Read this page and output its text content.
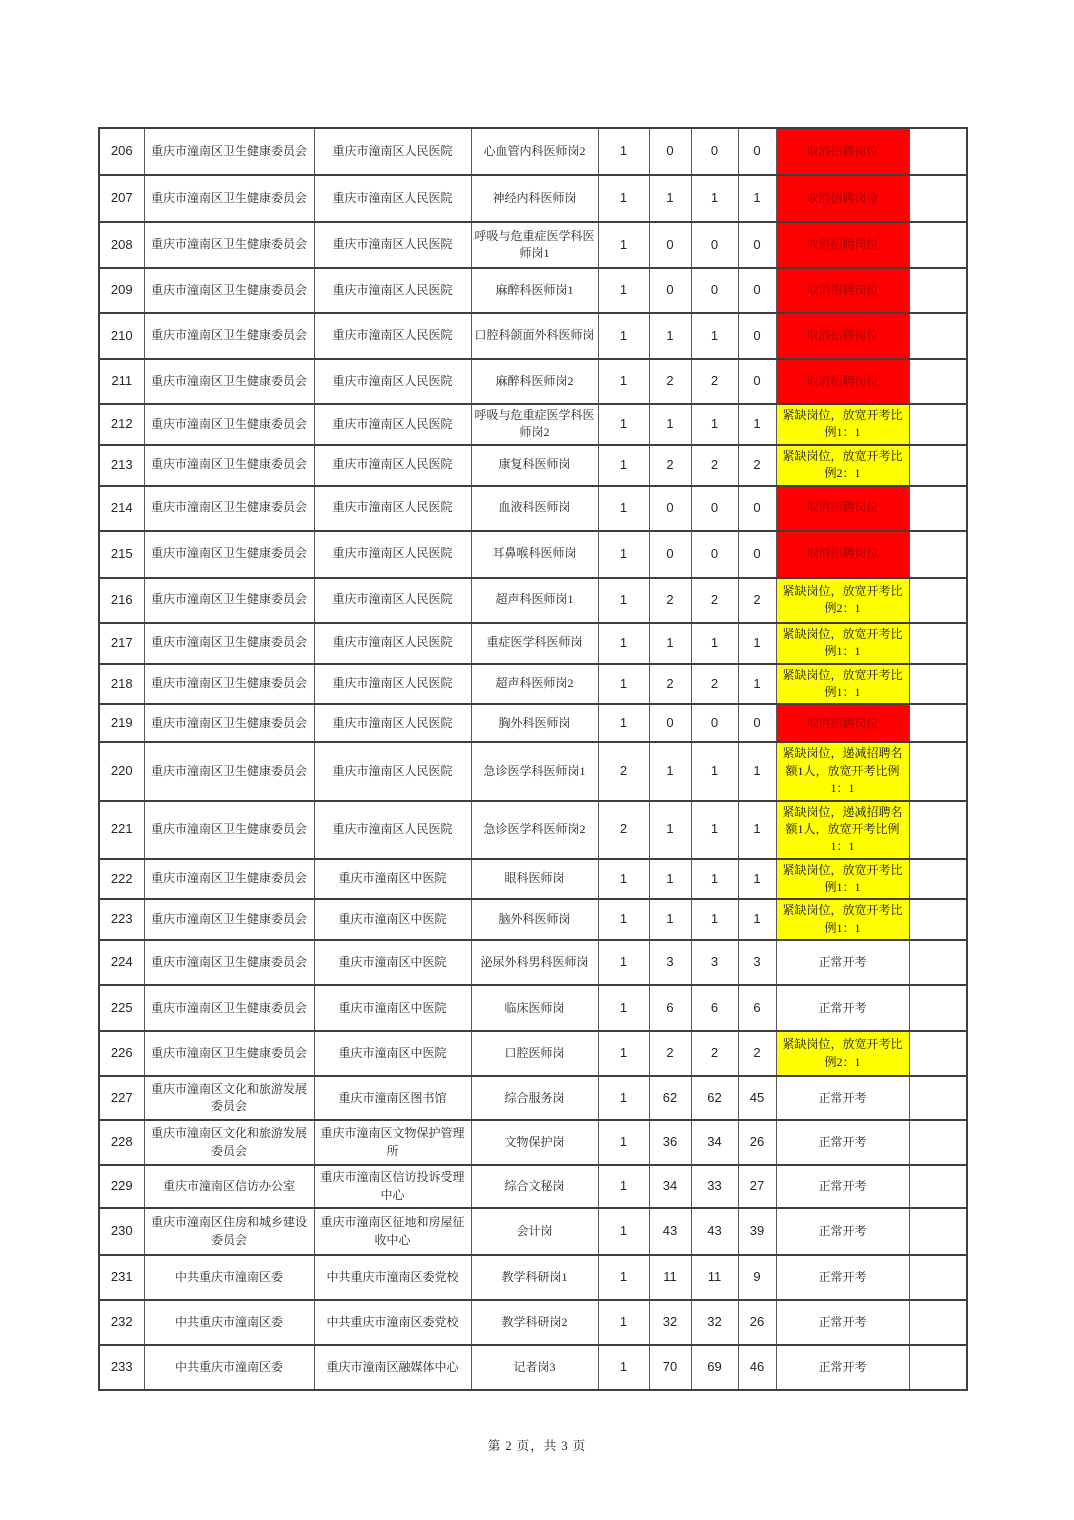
206	重庆市潼南区卫生健康委员会	重庆市潼南区人民医院	心血管内科医师岗2	1	0	0	0	取消招聘岗位	
207	重庆市潼南区卫生健康委员会	重庆市潼南区人民医院	神经内科医师岗	1	1	1	1	取消招聘岗位	
208	重庆市潼南区卫生健康委员会	重庆市潼南区人民医院	呼吸与危重症医学科医师岗1	1	0	0	0	取消招聘岗位	
209	重庆市潼南区卫生健康委员会	重庆市潼南区人民医院	麻醉科医师岗1	1	0	0	0	取消招聘岗位	
210	重庆市潼南区卫生健康委员会	重庆市潼南区人民医院	口腔科颌面外科医师岗	1	1	1	0	取消招聘岗位	
211	重庆市潼南区卫生健康委员会	重庆市潼南区人民医院	麻醉科医师岗2	1	2	2	0	取消招聘岗位	
212	重庆市潼南区卫生健康委员会	重庆市潼南区人民医院	呼吸与危重症医学科医师岗2	1	1	1	1	紧缺岗位，放宽开考比例1：1	
213	重庆市潼南区卫生健康委员会	重庆市潼南区人民医院	康复科医师岗	1	2	2	2	紧缺岗位，放宽开考比例2：1	
214	重庆市潼南区卫生健康委员会	重庆市潼南区人民医院	血液科医师岗	1	0	0	0	取消招聘岗位	
215	重庆市潼南区卫生健康委员会	重庆市潼南区人民医院	耳鼻喉科医师岗	1	0	0	0	取消招聘岗位	
216	重庆市潼南区卫生健康委员会	重庆市潼南区人民医院	超声科医师岗1	1	2	2	2	紧缺岗位，放宽开考比例2：1	
217	重庆市潼南区卫生健康委员会	重庆市潼南区人民医院	重症医学科医师岗	1	1	1	1	紧缺岗位，放宽开考比例1：1	
218	重庆市潼南区卫生健康委员会	重庆市潼南区人民医院	超声科医师岗2	1	2	2	1	紧缺岗位，放宽开考比例1：1	
219	重庆市潼南区卫生健康委员会	重庆市潼南区人民医院	胸外科医师岗	1	0	0	0	取消招聘岗位	
220	重庆市潼南区卫生健康委员会	重庆市潼南区人民医院	急诊医学科医师岗1	2	1	1	1	紧缺岗位，递减招聘名额1人，放宽开考比例1：1	
221	重庆市潼南区卫生健康委员会	重庆市潼南区人民医院	急诊医学科医师岗2	2	1	1	1	紧缺岗位，递减招聘名额1人，放宽开考比例1：1	
222	重庆市潼南区卫生健康委员会	重庆市潼南区中医院	眼科医师岗	1	1	1	1	紧缺岗位，放宽开考比例1：1	
223	重庆市潼南区卫生健康委员会	重庆市潼南区中医院	脑外科医师岗	1	1	1	1	紧缺岗位，放宽开考比例1：1	
224	重庆市潼南区卫生健康委员会	重庆市潼南区中医院	泌尿外科男科医师岗	1	3	3	3	正常开考	
225	重庆市潼南区卫生健康委员会	重庆市潼南区中医院	临床医师岗	1	6	6	6	正常开考	
226	重庆市潼南区卫生健康委员会	重庆市潼南区中医院	口腔医师岗	1	2	2	2	紧缺岗位，放宽开考比例2：1	
227	重庆市潼南区文化和旅游发展委员会	重庆市潼南区图书馆	综合服务岗	1	62	62	45	正常开考	
228	重庆市潼南区文化和旅游发展委员会	重庆市潼南区文物保护管理所	文物保护岗	1	36	34	26	正常开考	
229	重庆市潼南区信访办公室	重庆市潼南区信访投诉受理中心	综合文秘岗	1	34	33	27	正常开考	
230	重庆市潼南区住房和城乡建设委员会	重庆市潼南区征地和房屋征收中心	会计岗	1	43	43	39	正常开考	
231	中共重庆市潼南区委	中共重庆市潼南区委党校	教学科研岗1	1	11	11	9	正常开考	
232	中共重庆市潼南区委	中共重庆市潼南区委党校	教学科研岗2	1	32	32	26	正常开考	
233	中共重庆市潼南区委	重庆市潼南区融媒体中心	记者岗3	1	70	69	46	正常开考	
第 2 页，共 3 页
